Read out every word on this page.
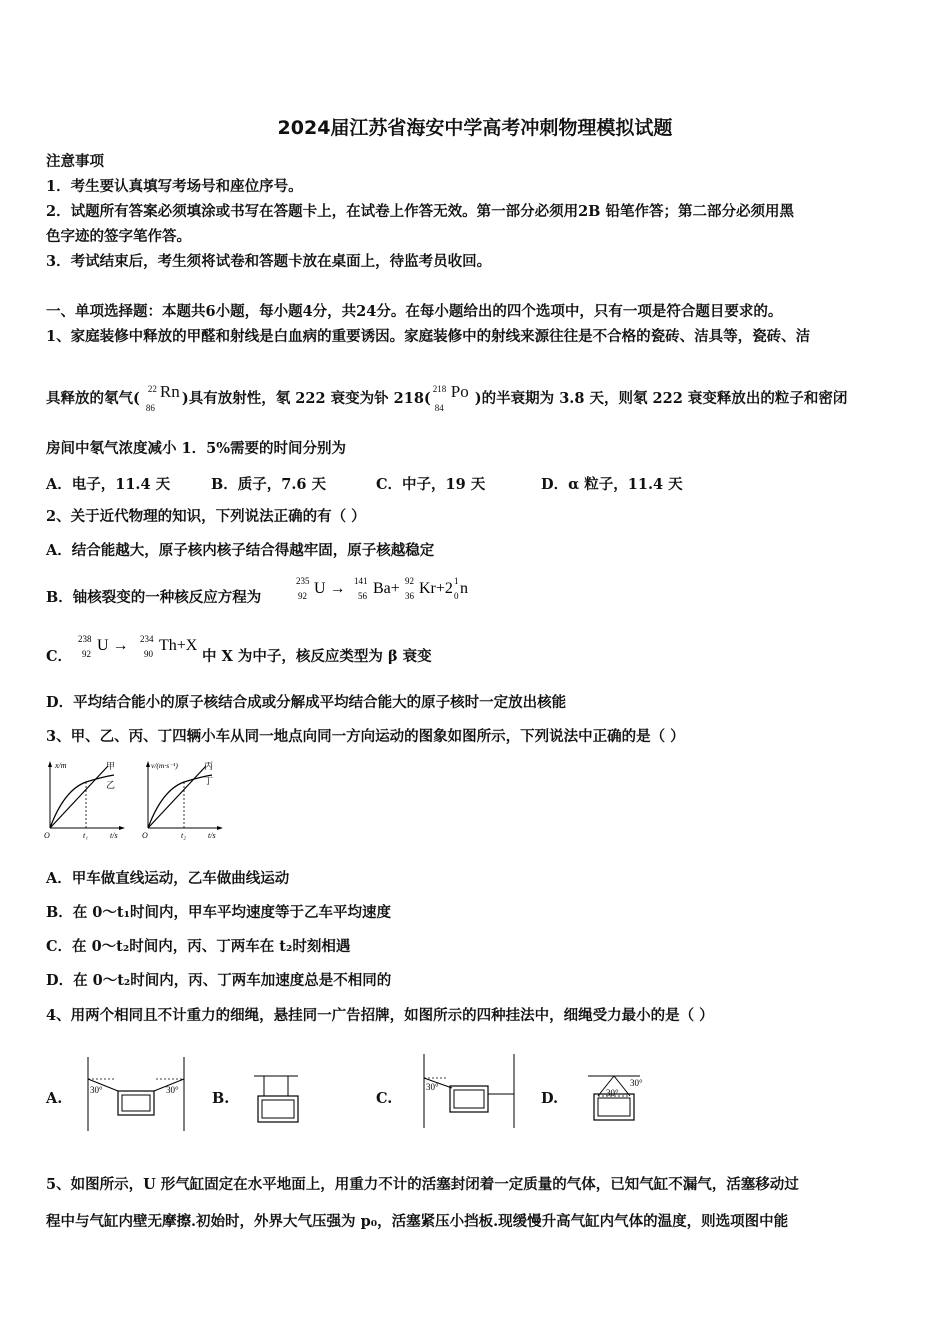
2024届江苏省海安中学高考冲刺物理模拟试题
注意事项
1．考生要认真填写考场号和座位序号。
2．试题所有答案必须填涂或书写在答题卡上，在试卷上作答无效。第一部分必须用2B 铅笔作答；第二部分必须用黑
色字迹的签字笔作答。
3．考试结束后，考生须将试卷和答题卡放在桌面上，待监考员收回。
一、单项选择题：本题共6小题，每小题4分，共24分。在每小题给出的四个选项中，只有一项是符合题目要求的。
1、家庭装修中释放的甲醛和射线是白血病的重要诱因。家庭装修中的射线来源往往是不合格的瓷砖、洁具等，瓷砖、洁
具释放的氡气(
22
86
Rn )具有放射性，氡 222 衰变为钋 218(
218
84
Po )的半衰期为 3.8 天，则氡 222 衰变释放出的粒子和密闭
房间中氡气浓度减小 1．5%需要的时间分别为
A．电子，11.4 天	B．质子，7.6 天	C．中子，19 天	D．α 粒子，11.4 天
2、关于近代物理的知识，下列说法正确的有（ ）
A．结合能越大，原子核内核子结合得越牢固，原子核越稳定
B．铀核裂变的一种核反应方程为
235
92 U → 141
56 Ba+ 92
36 Kr+2 1
0 n
C．	中 X 为中子，核反应类型为 β 衰变
238
92 U → 234
90 Th+X
D．平均结合能小的原子核结合成或分解成平均结合能大的原子核时一定放出核能
3、甲、乙、丙、丁四辆小车从同一地点向同一方向运动的图象如图所示，下列说法中正确的是（ ）
x/m	甲
乙
O	t₁	t/s
v/(m·s⁻¹)	丙
丁
O	t₂	t/s
A．甲车做直线运动，乙车做曲线运动
B．在 0～t₁时间内，甲车平均速度等于乙车平均速度
C．在 0～t₂时间内，丙、丁两车在 t₂时刻相遇
D．在 0～t₂时间内，丙、丁两车加速度总是不相同的
4、用两个相同且不计重力的细绳，悬挂同一广告招牌，如图所示的四种挂法中，细绳受力最小的是（ ）
A.	30°	30° B.	C.
30°
D.	30°
30°
5、如图所示，U 形气缸固定在水平地面上，用重力不计的活塞封闭着一定质量的气体，已知气缸不漏气，活塞移动过
程中与气缸内壁无摩擦.初始时，外界大气压强为 p₀，活塞紧压小挡板.现缓慢升高气缸内气体的温度，则选项图中能
